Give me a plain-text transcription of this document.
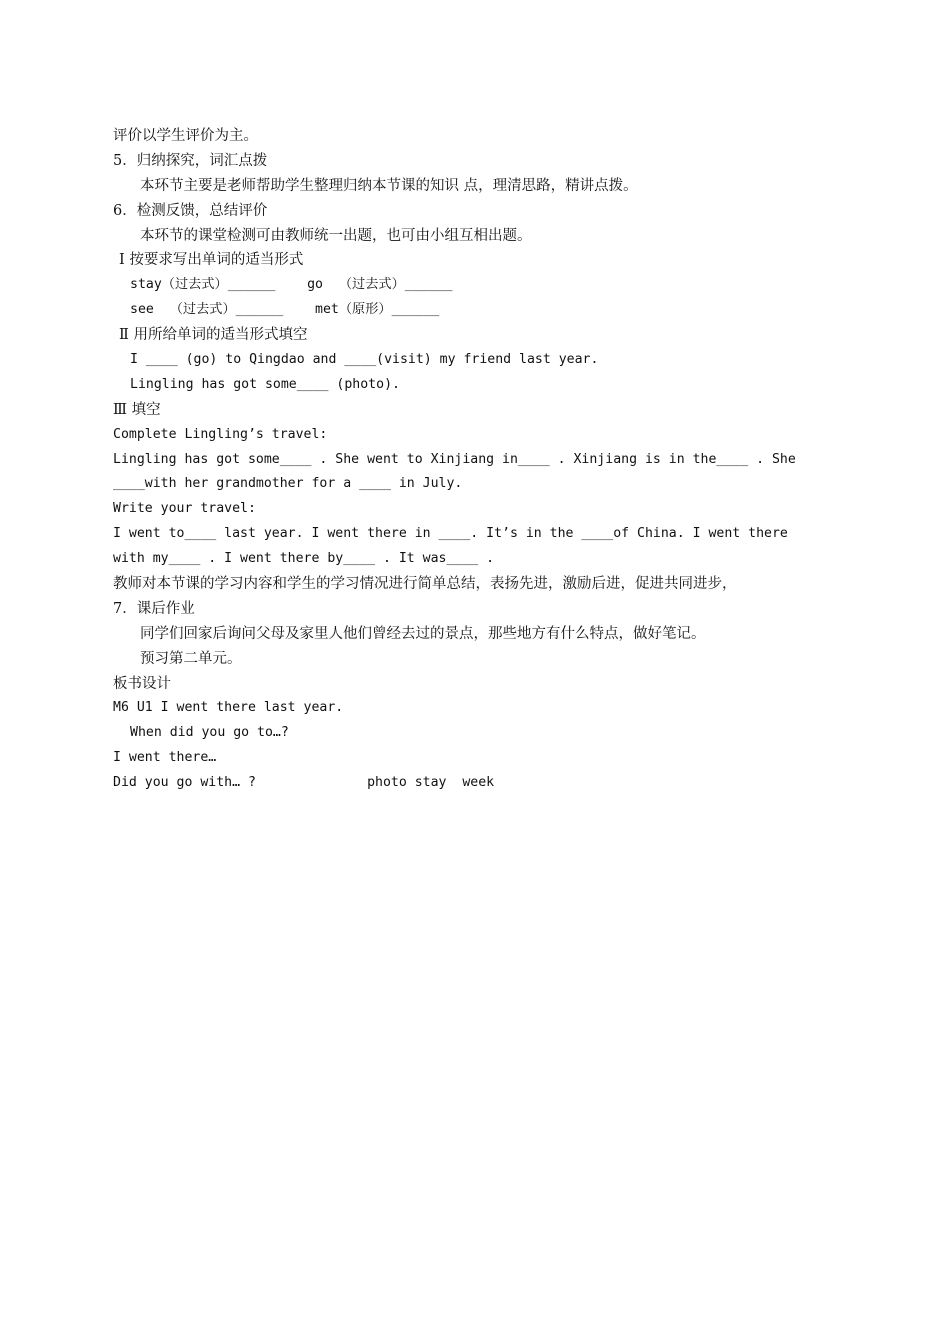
评价以学生评价为主。
5．归纳探究，词汇点拨
本环节主要是老师帮助学生整理归纳本节课的知识 点，理清思路，精讲点拨。
6．检测反馈，总结评价
本环节的课堂检测可由教师统一出题，也可由小组互相出题。
Ⅰ 按要求写出单词的适当形式
stay（过去式）______    go  （过去式）______
see  （过去式）______    met（原形）______
Ⅱ 用所给单词的适当形式填空
I ____ (go) to Qingdao and ____(visit) my friend last year.
Lingling has got some____ (photo).
Ⅲ 填空
Complete Lingling’s travel:
Lingling has got some____ . She went to Xinjiang in____ . Xinjiang is in the____ . She
____with her grandmother for a ____ in July.
Write your travel:
I went to____ last year. I went there in ____. It’s in the ____of China. I went there
with my____ . I went there by____ . It was____ .
教师对本节课的学习内容和学生的学习情况进行简单总结，表扬先进，激励后进，促进共同进步，
7．课后作业
同学们回家后询问父母及家里人他们曾经去过的景点，那些地方有什么特点，做好笔记。
预习第二单元。
板书设计
M6 U1 I went there last year.
When did you go to…?
I went there…
Did you go with… ?              photo stay  week
